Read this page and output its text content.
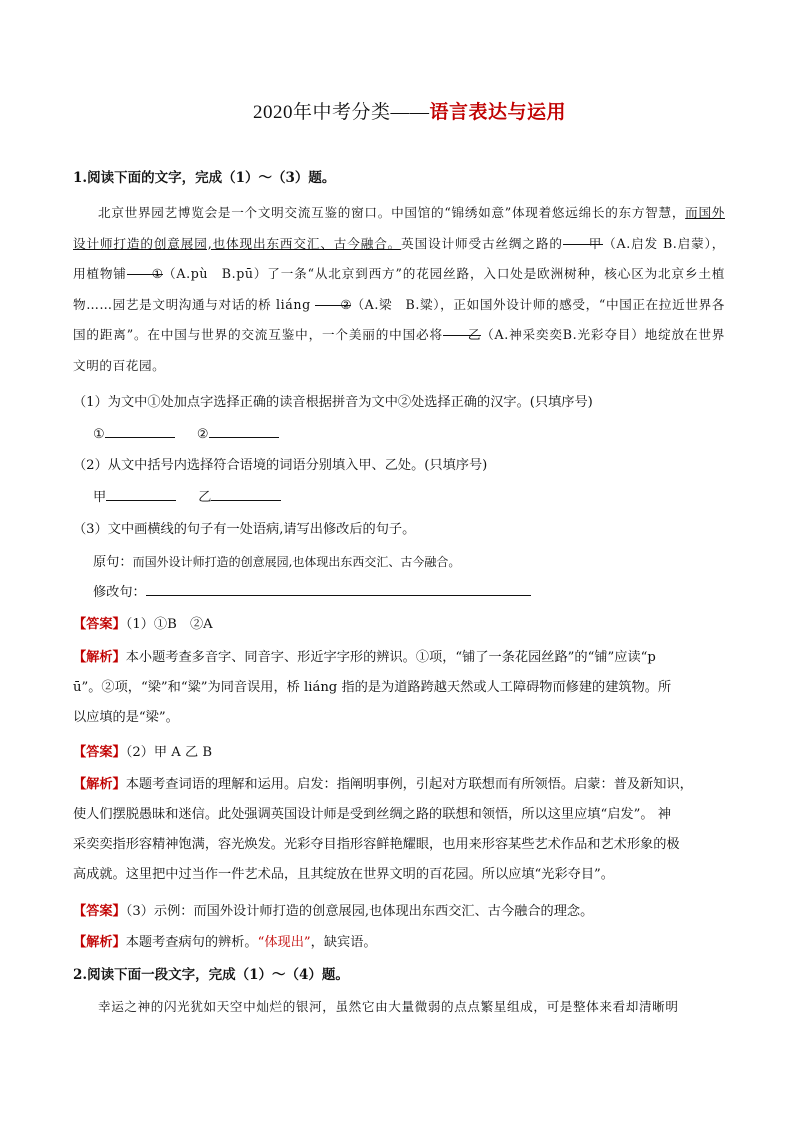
2020年中考分类——语言表达与运用
1.阅读下面的文字，完成（1）～（3）题。
北京世界园艺博览会是一个文明交流互鉴的窗口。中国馆的“锦绣如意”体现着悠远绵长的东方智慧，而国外设计师打造的创意展园,也体现出东西交汇、古今融合。英国设计师受古丝绸之路的 甲（A.启发 B.启蒙），用植物铺 ①（A.pù　B.pū）了一条“从北京到西方”的花园丝路，入口处是欧洲树种，核心区为北京乡土植物……园艺是文明沟通与对话的桥 liáng ②（A.梁　B.粱），正如国外设计师的感受，“中国正在拉近世界各国的距离”。在中国与世界的交流互鉴中，一个美丽的中国必将 乙（A.神采奕奕B.光彩夺目）地绽放在世界文明的百花园。
（1）为文中①处加点字选择正确的读音根据拼音为文中②处选择正确的汉字。(只填序号)
①	②
（2）从文中括号内选择符合语境的词语分别填入甲、乙处。(只填序号)
甲	乙
（3）文中画横线的句子有一处语病,请写出修改后的句子。
原句：而国外设计师打造的创意展园,也体现出东西交汇、古今融合。
修改句：
【答案】（1）①B　②A
【解析】本小题考查多音字、同音字、形近字字形的辨识。①项，“铺了一条花园丝路”的“铺”应读“p
ū”。②项，“梁”和“粱”为同音误用，桥 liáng 指的是为道路跨越天然或人工障碍物而修建的建筑物。所
以应填的是“梁”。
【答案】（2）甲 A 乙 B
【解析】本题考查词语的理解和运用。启发：指阐明事例，引起对方联想而有所领悟。启蒙：普及新知识，
使人们摆脱愚昧和迷信。此处强调英国设计师是受到丝绸之路的联想和领悟，所以这里应填“启发”。 神
采奕奕指形容精神饱满，容光焕发。光彩夺目指形容鲜艳耀眼，也用来形容某些艺术作品和艺术形象的极
高成就。这里把中过当作一件艺术品，且其绽放在世界文明的百花园。所以应填“光彩夺目”。
【答案】（3）示例：而国外设计师打造的创意展园,也体现出东西交汇、古今融合的理念。
【解析】本题考查病句的辨析。“体现出”，缺宾语。
2.阅读下面一段文字，完成（1）～（4）题。
幸运之神的闪光犹如天空中灿烂的银河，虽然它由大量微弱的点点繁星组成，可是整体来看却清晰明
